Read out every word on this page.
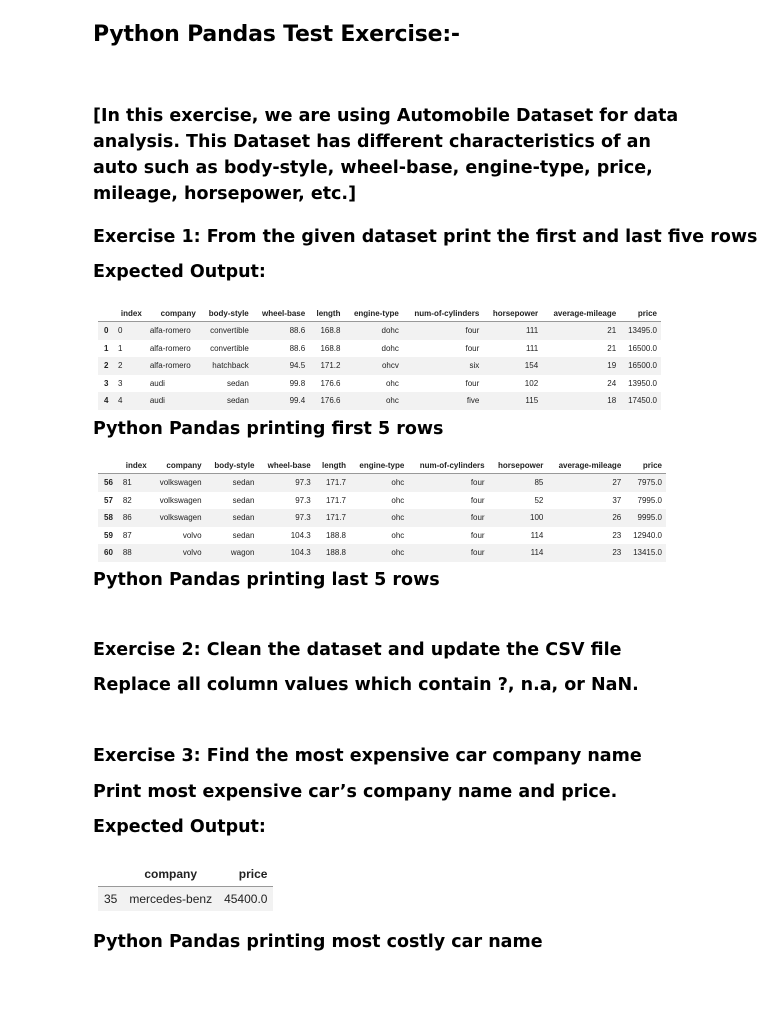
Python Pandas Test Exercise:-
[In this exercise, we are using Automobile Dataset for data analysis. This Dataset has different characteristics of an auto such as body-style, wheel-base, engine-type, price, mileage, horsepower, etc.]
Exercise 1: From the given dataset print the first and last five rows
Expected Output:
	index	company	body-style	wheel-base	length	engine-type	num-of-cylinders	horsepower	average-mileage	price
0	0	alfa-romero	convertible	88.6	168.8	dohc	four	111	21	13495.0
1	1	alfa-romero	convertible	88.6	168.8	dohc	four	111	21	16500.0
2	2	alfa-romero	hatchback	94.5	171.2	ohcv	six	154	19	16500.0
3	3	audi	sedan	99.8	176.6	ohc	four	102	24	13950.0
4	4	audi	sedan	99.4	176.6	ohc	five	115	18	17450.0
Python Pandas printing first 5 rows
	index	company	body-style	wheel-base	length	engine-type	num-of-cylinders	horsepower	average-mileage	price
56	81	volkswagen	sedan	97.3	171.7	ohc	four	85	27	7975.0
57	82	volkswagen	sedan	97.3	171.7	ohc	four	52	37	7995.0
58	86	volkswagen	sedan	97.3	171.7	ohc	four	100	26	9995.0
59	87	volvo	sedan	104.3	188.8	ohc	four	114	23	12940.0
60	88	volvo	wagon	104.3	188.8	ohc	four	114	23	13415.0
Python Pandas printing last 5 rows
Exercise 2: Clean the dataset and update the CSV file
Replace all column values which contain ?, n.a, or NaN.
Exercise 3: Find the most expensive car company name
Print most expensive car’s company name and price.
Expected Output:
	company	price
35	mercedes-benz	45400.0
Python Pandas printing most costly car name
